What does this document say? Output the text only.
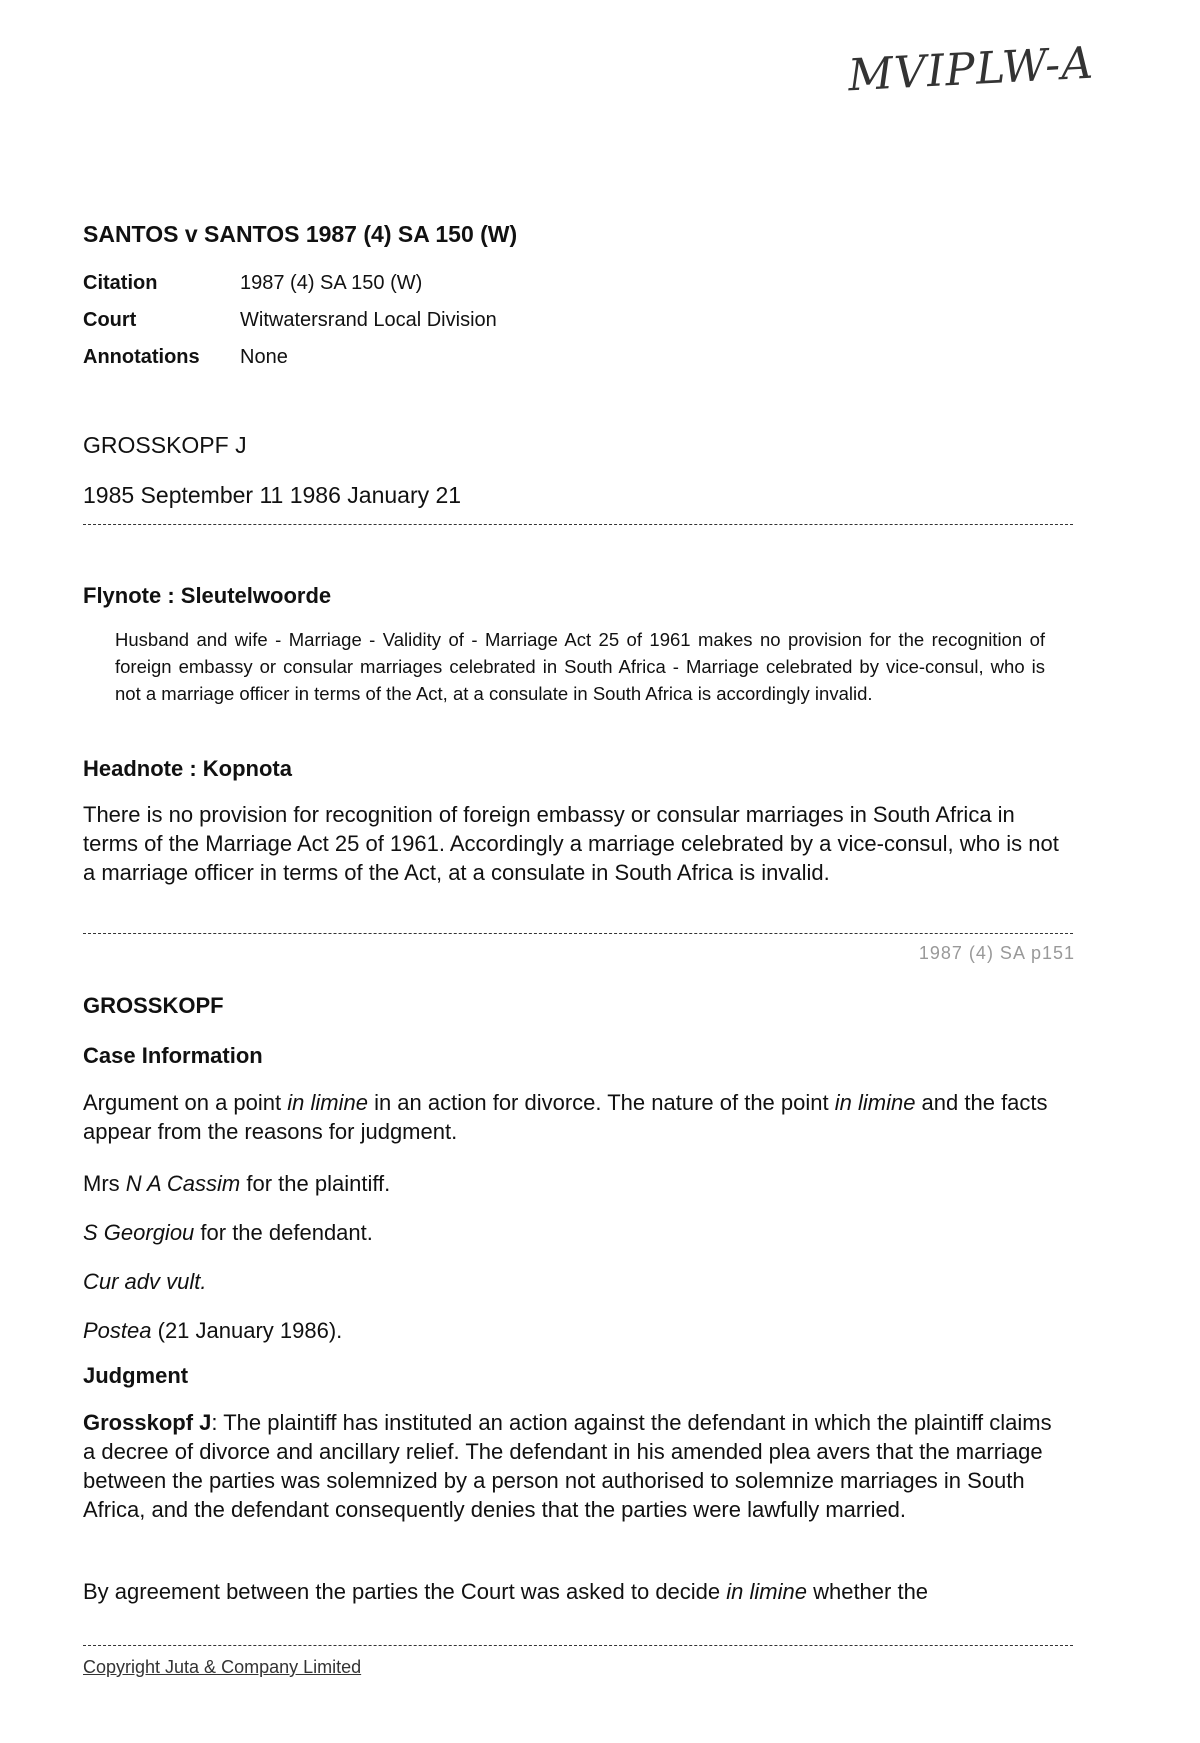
MVIPLW-A
SANTOS v SANTOS 1987 (4) SA 150 (W)
Citation	1987 (4) SA 150 (W)
Court	Witwatersrand Local Division
Annotations	None
GROSSKOPF J
1985 September 11 1986 January 21
Flynote : Sleutelwoorde
Husband and wife - Marriage - Validity of - Marriage Act 25 of 1961 makes no provision for the recognition of foreign embassy or consular marriages celebrated in South Africa - Marriage celebrated by vice-consul, who is not a marriage officer in terms of the Act, at a consulate in South Africa is accordingly invalid.
Headnote : Kopnota
There is no provision for recognition of foreign embassy or consular marriages in South Africa in terms of the Marriage Act 25 of 1961. Accordingly a marriage celebrated by a vice-consul, who is not a marriage officer in terms of the Act, at a consulate in South Africa is invalid.
1987 (4) SA p151
GROSSKOPF
Case Information
Argument on a point in limine in an action for divorce. The nature of the point in limine and the facts appear from the reasons for judgment.
Mrs N A Cassim for the plaintiff.
S Georgiou for the defendant.
Cur adv vult.
Postea (21 January 1986).
Judgment
Grosskopf J: The plaintiff has instituted an action against the defendant in which the plaintiff claims a decree of divorce and ancillary relief. The defendant in his amended plea avers that the marriage between the parties was solemnized by a person not authorised to solemnize marriages in South Africa, and the defendant consequently denies that the parties were lawfully married.
By agreement between the parties the Court was asked to decide in limine whether the
Copyright Juta & Company Limited
